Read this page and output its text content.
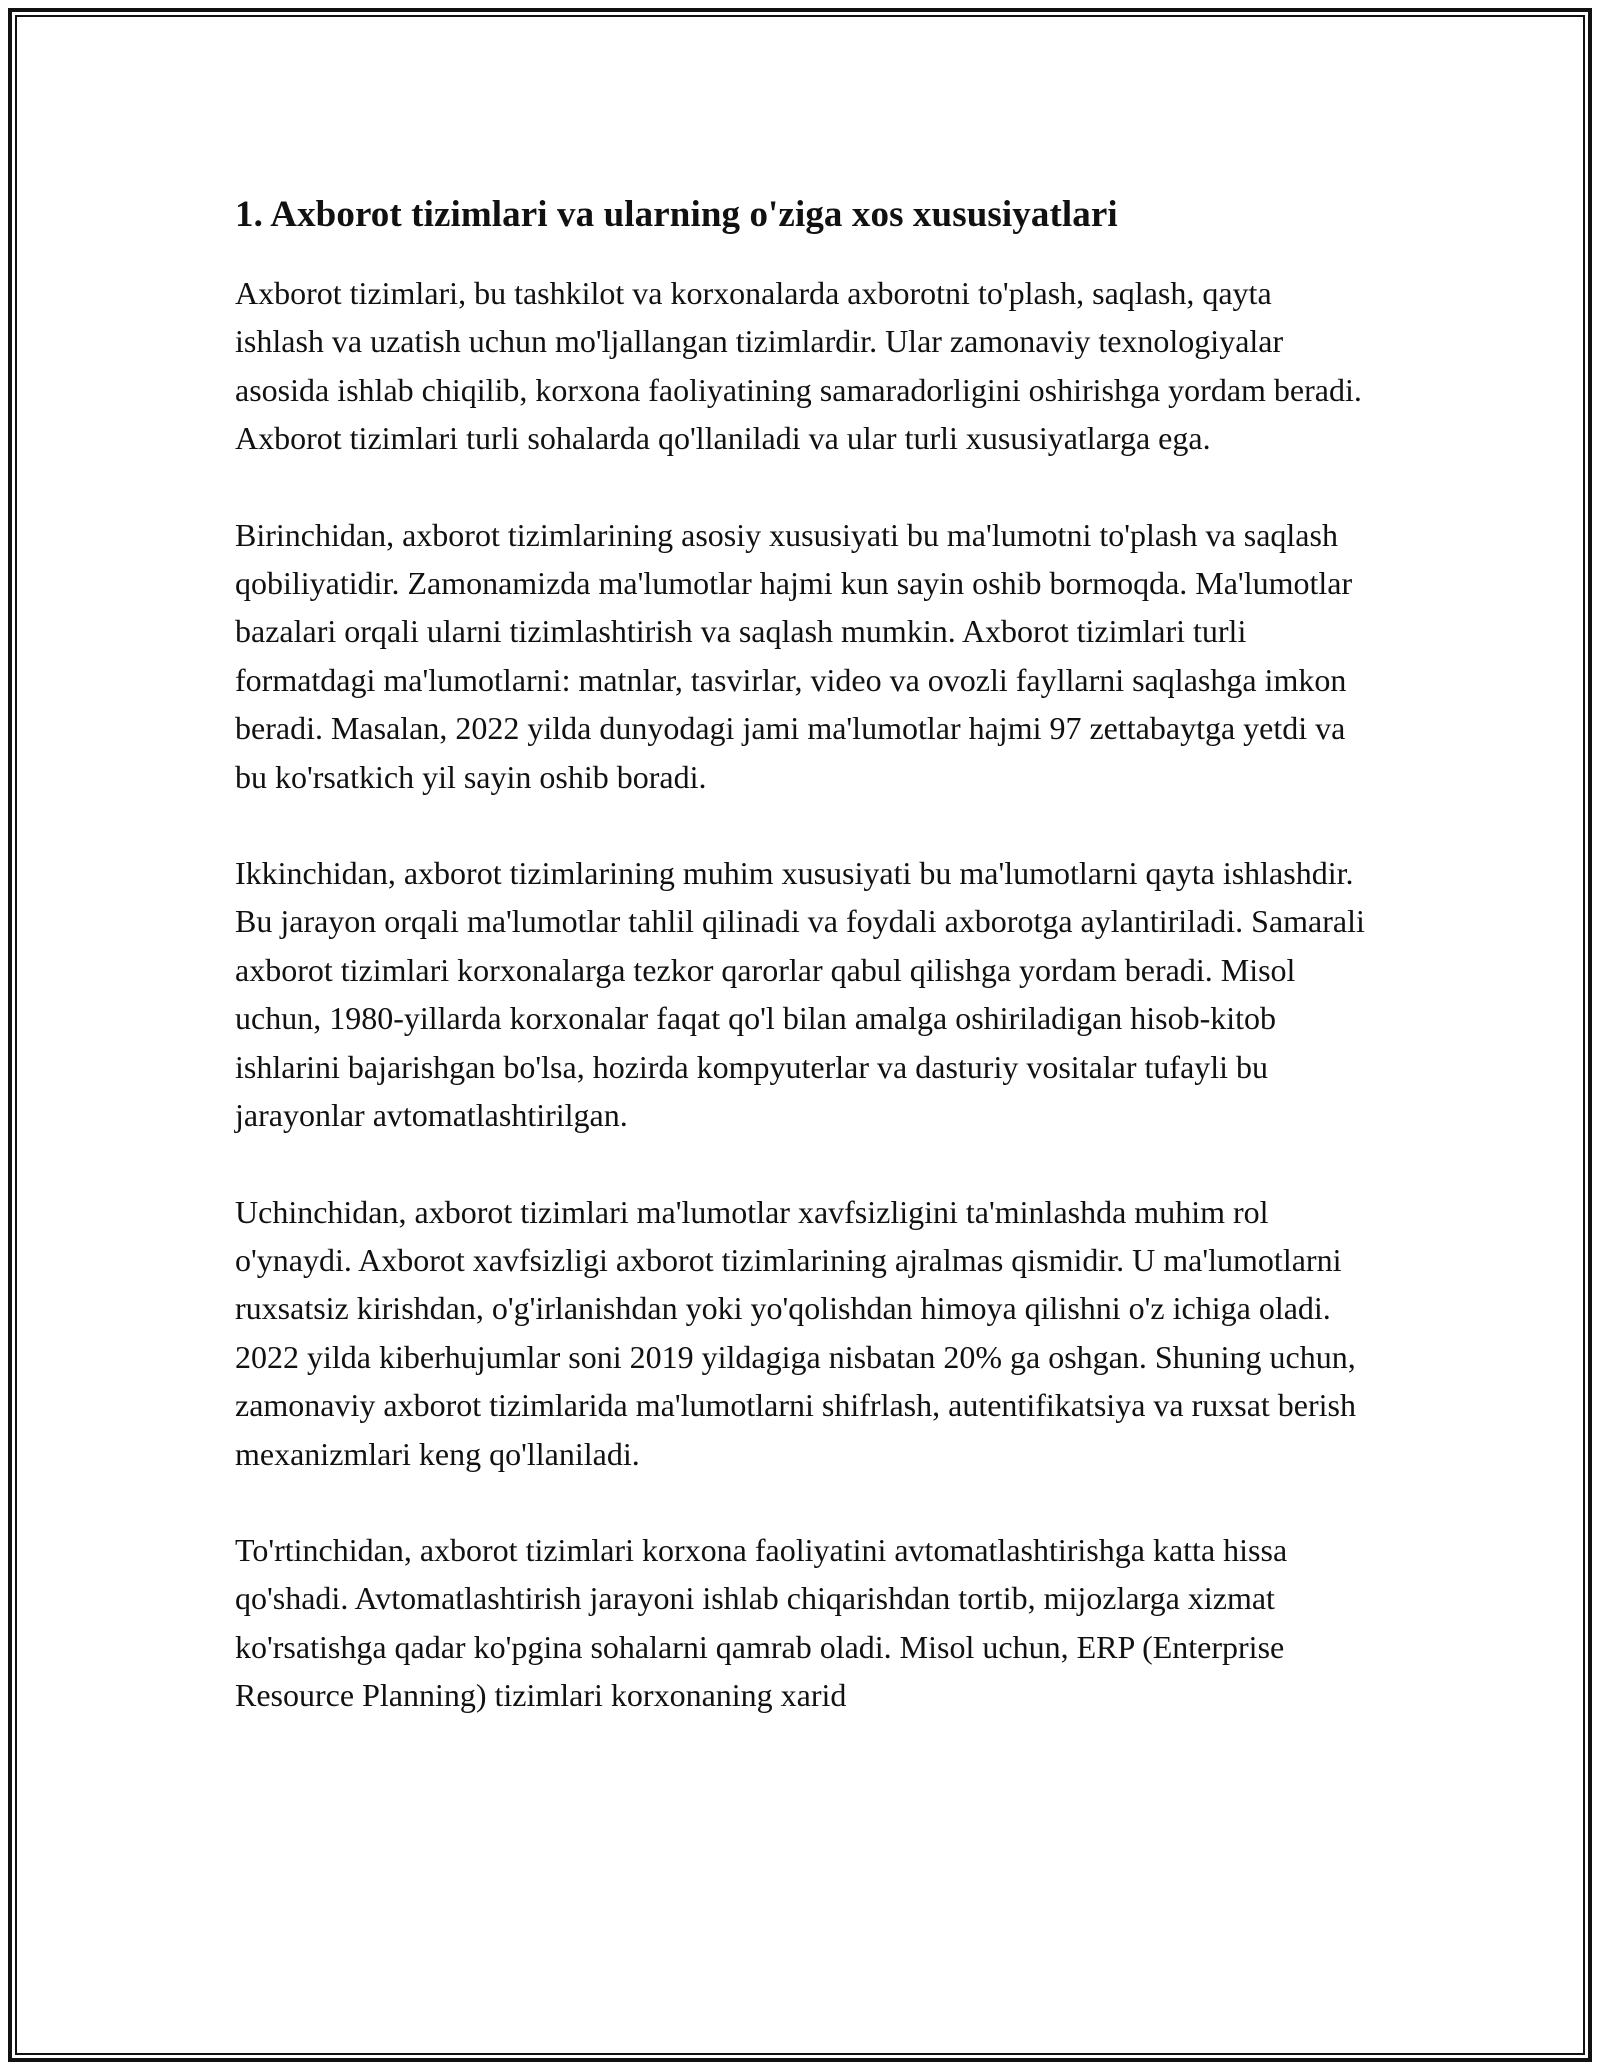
1. Axborot tizimlari va ularning o'ziga xos xususiyatlari

Axborot tizimlari, bu tashkilot va korxonalarda axborotni to'plash, saqlash, qayta ishlash va uzatish uchun mo'ljallangan tizimlardir. Ular zamonaviy texnologiyalar asosida ishlab chiqilib, korxona faoliyatining samaradorligini oshirishga yordam beradi. Axborot tizimlari turli sohalarda qo'llaniladi va ular turli xususiyatlarga ega.

Birinchidan, axborot tizimlarining asosiy xususiyati bu ma'lumotni to'plash va saqlash qobiliyatidir. Zamonamizda ma'lumotlar hajmi kun sayin oshib bormoqda. Ma'lumotlar bazalari orqali ularni tizimlashtirish va saqlash mumkin. Axborot tizimlari turli formatdagi ma'lumotlarni: matnlar, tasvirlar, video va ovozli fayllarni saqlashga imkon beradi. Masalan, 2022 yilda dunyodagi jami ma'lumotlar hajmi 97 zettabaytga yetdi va bu ko'rsatkich yil sayin oshib boradi.

Ikkinchidan, axborot tizimlarining muhim xususiyati bu ma'lumotlarni qayta ishlashdir. Bu jarayon orqali ma'lumotlar tahlil qilinadi va foydali axborotga aylantiriladi. Samarali axborot tizimlari korxonalarga tezkor qarorlar qabul qilishga yordam beradi. Misol uchun, 1980-yillarda korxonalar faqat qo'l bilan amalga oshiriladigan hisob-kitob ishlarini bajarishgan bo'lsa, hozirda kompyuterlar va dasturiy vositalar tufayli bu jarayonlar avtomatlashtirilgan.

Uchinchidan, axborot tizimlari ma'lumotlar xavfsizligini ta'minlashda muhim rol o'ynaydi. Axborot xavfsizligi axborot tizimlarining ajralmas qismidir. U ma'lumotlarni ruxsatsiz kirishdan, o'g'irlanishdan yoki yo'qolishdan himoya qilishni o'z ichiga oladi. 2022 yilda kiberhujumlar soni 2019 yildagiga nisbatan 20% ga oshgan. Shuning uchun, zamonaviy axborot tizimlarida ma'lumotlarni shifrlash, autentifikatsiya va ruxsat berish mexanizmlari keng qo'llaniladi.

To'rtinchidan, axborot tizimlari korxona faoliyatini avtomatlashtirishga katta hissa qo'shadi. Avtomatlashtirish jarayoni ishlab chiqarishdan tortib, mijozlarga xizmat ko'rsatishga qadar ko'pgina sohalarni qamrab oladi. Misol uchun, ERP (Enterprise Resource Planning) tizimlari korxonaning xarid
